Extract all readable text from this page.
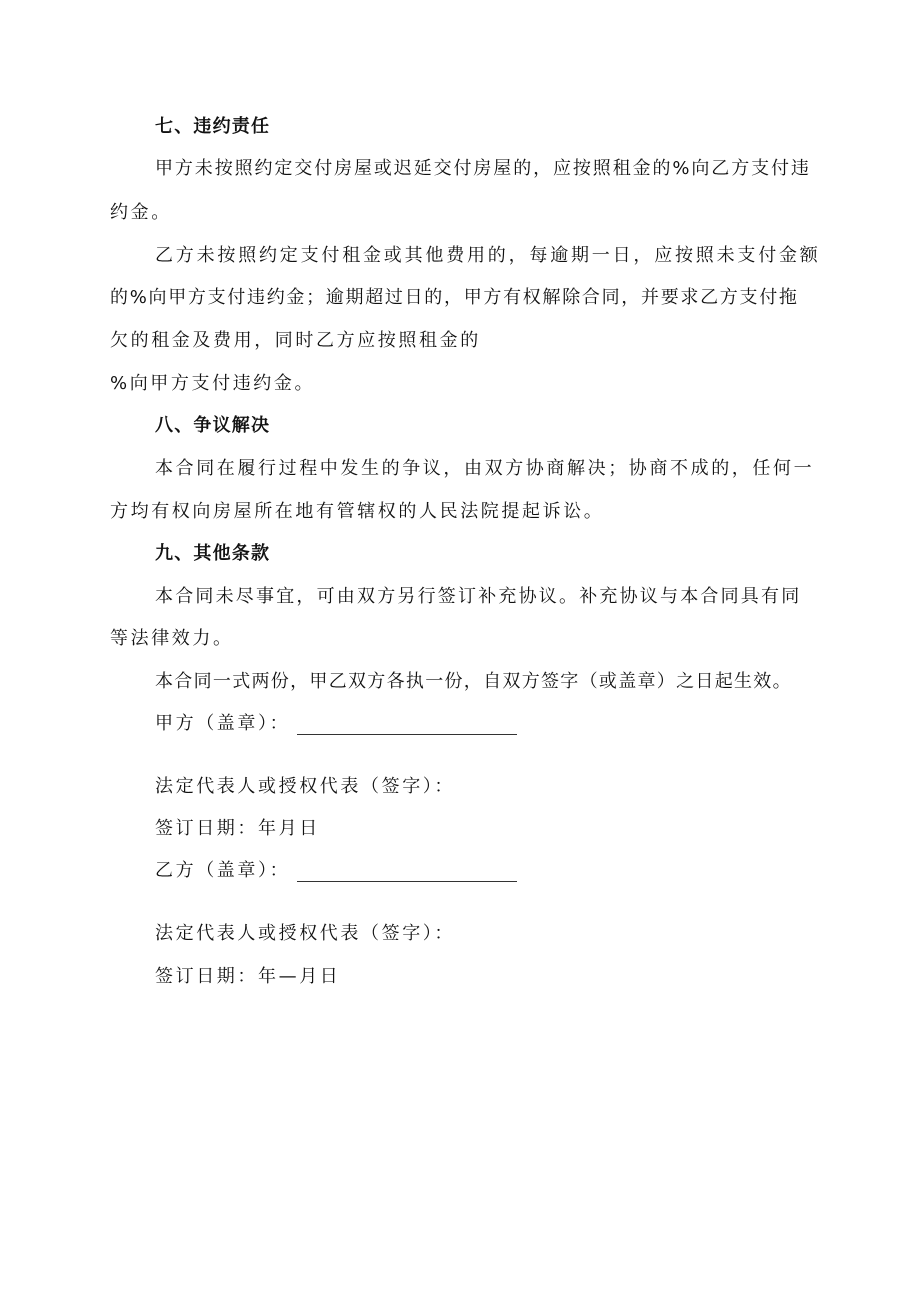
七、违约责任
甲方未按照约定交付房屋或迟延交付房屋的，应按照租金的%向乙方支付违
约金。
乙方未按照约定支付租金或其他费用的，每逾期一日，应按照未支付金额
的%向甲方支付违约金；逾期超过日的，甲方有权解除合同，并要求乙方支付拖
欠的租金及费用，同时乙方应按照租金的
%向甲方支付违约金。
八、争议解决
本合同在履行过程中发生的争议，由双方协商解决；协商不成的，任何一
方均有权向房屋所在地有管辖权的人民法院提起诉讼。
九、其他条款
本合同未尽事宜，可由双方另行签订补充协议。补充协议与本合同具有同
等法律效力。
本合同一式两份，甲乙双方各执一份，自双方签字（或盖章）之日起生效。
甲方（盖章）：
法定代表人或授权代表（签字）：
签订日期：年月日
乙方（盖章）：
法定代表人或授权代表（签字）：
签订日期：年—月日
